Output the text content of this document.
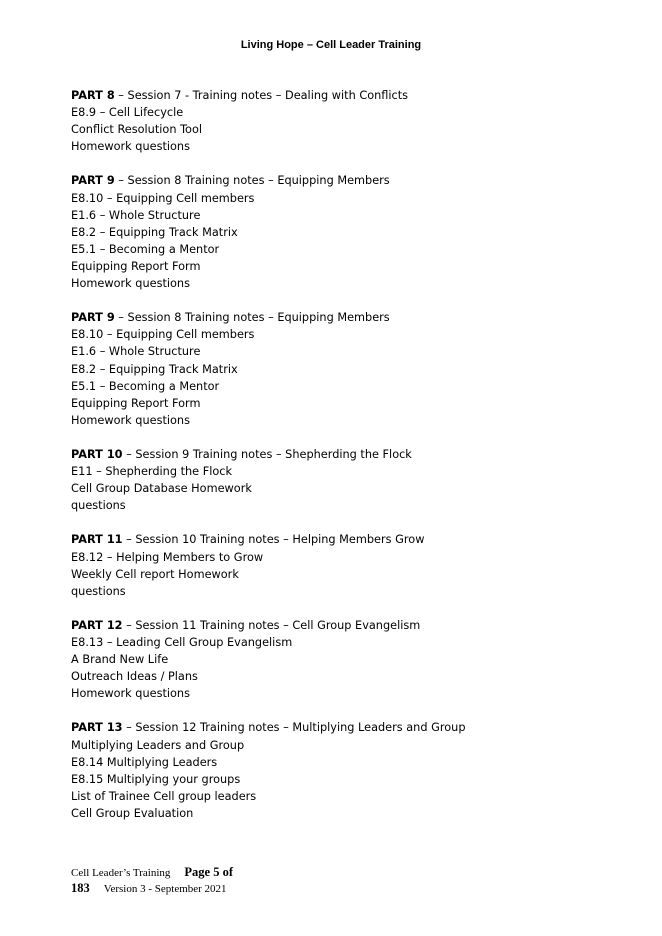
Living Hope – Cell Leader Training
PART 8 – Session 7 - Training notes – Dealing with Conflicts
E8.9 – Cell Lifecycle
Conflict Resolution Tool
Homework questions
PART 9 – Session 8 Training notes – Equipping Members
E8.10 – Equipping Cell members
E1.6 – Whole Structure
E8.2 – Equipping Track Matrix
E5.1 – Becoming a Mentor
Equipping Report Form
Homework questions
PART 9 – Session 8 Training notes – Equipping Members
E8.10 – Equipping Cell members
E1.6 – Whole Structure
E8.2 – Equipping Track Matrix
E5.1 – Becoming a Mentor
Equipping Report Form
Homework questions
PART 10 – Session 9 Training notes – Shepherding the Flock
E11 – Shepherding the Flock
Cell Group Database Homework
questions
PART 11 – Session 10 Training notes – Helping Members Grow
E8.12 – Helping Members to Grow
Weekly Cell report Homework
questions
PART 12 – Session 11 Training notes – Cell Group Evangelism
E8.13 – Leading Cell Group Evangelism
A Brand New Life
Outreach Ideas / Plans
Homework questions
PART 13 – Session 12 Training notes – Multiplying Leaders and Group
Multiplying Leaders and Group
E8.14 Multiplying Leaders
E8.15 Multiplying your groups
List of Trainee Cell group leaders
Cell Group Evaluation
Cell Leader’s Training Page 5 of
183 Version 3 - September 2021
